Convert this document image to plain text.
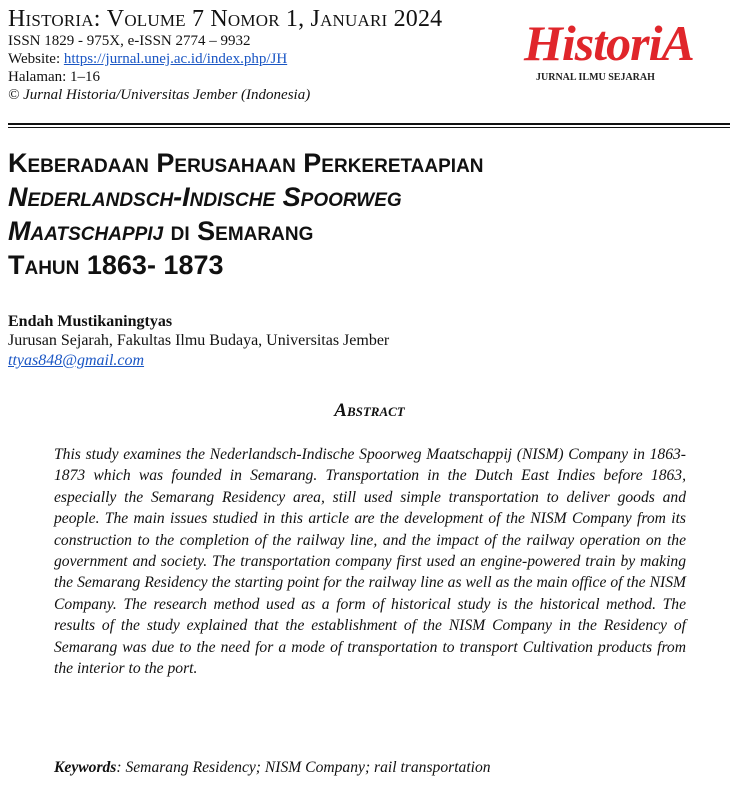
Historia: Volume 7 Nomor 1, Januari 2024
ISSN 1829 - 975X, e-ISSN 2774 – 9932
Website: https://jurnal.unej.ac.id/index.php/JH
Halaman: 1–16
© Jurnal Historia/Universitas Jember (Indonesia)
HistoriA
JURNAL ILMU SEJARAH
Keberadaan Perusahaan Perkeretaapian
Nederlandsch-Indische Spoorweg
Maatschappij di Semarang
Tahun 1863- 1873
Endah Mustikaningtyas
Jurusan Sejarah, Fakultas Ilmu Budaya, Universitas Jember
ttyas848@gmail.com
Abstract
This study examines the Nederlandsch-Indische Spoorweg Maatschappij (NISM) Company in 1863-1873 which was founded in Semarang. Transportation in the Dutch East Indies before 1863, especially the Semarang Residency area, still used simple transportation to deliver goods and people. The main issues studied in this article are the development of the NISM Company from its construction to the completion of the railway line, and the impact of the railway operation on the government and society. The transportation company first used an engine-powered train by making the Semarang Residency the starting point for the railway line as well as the main office of the NISM Company. The research method used as a form of historical study is the historical method. The results of the study explained that the establishment of the NISM Company in the Residency of Semarang was due to the need for a mode of transportation to transport Cultivation products from the interior to the port.
Keywords: Semarang Residency; NISM Company; rail transportation
